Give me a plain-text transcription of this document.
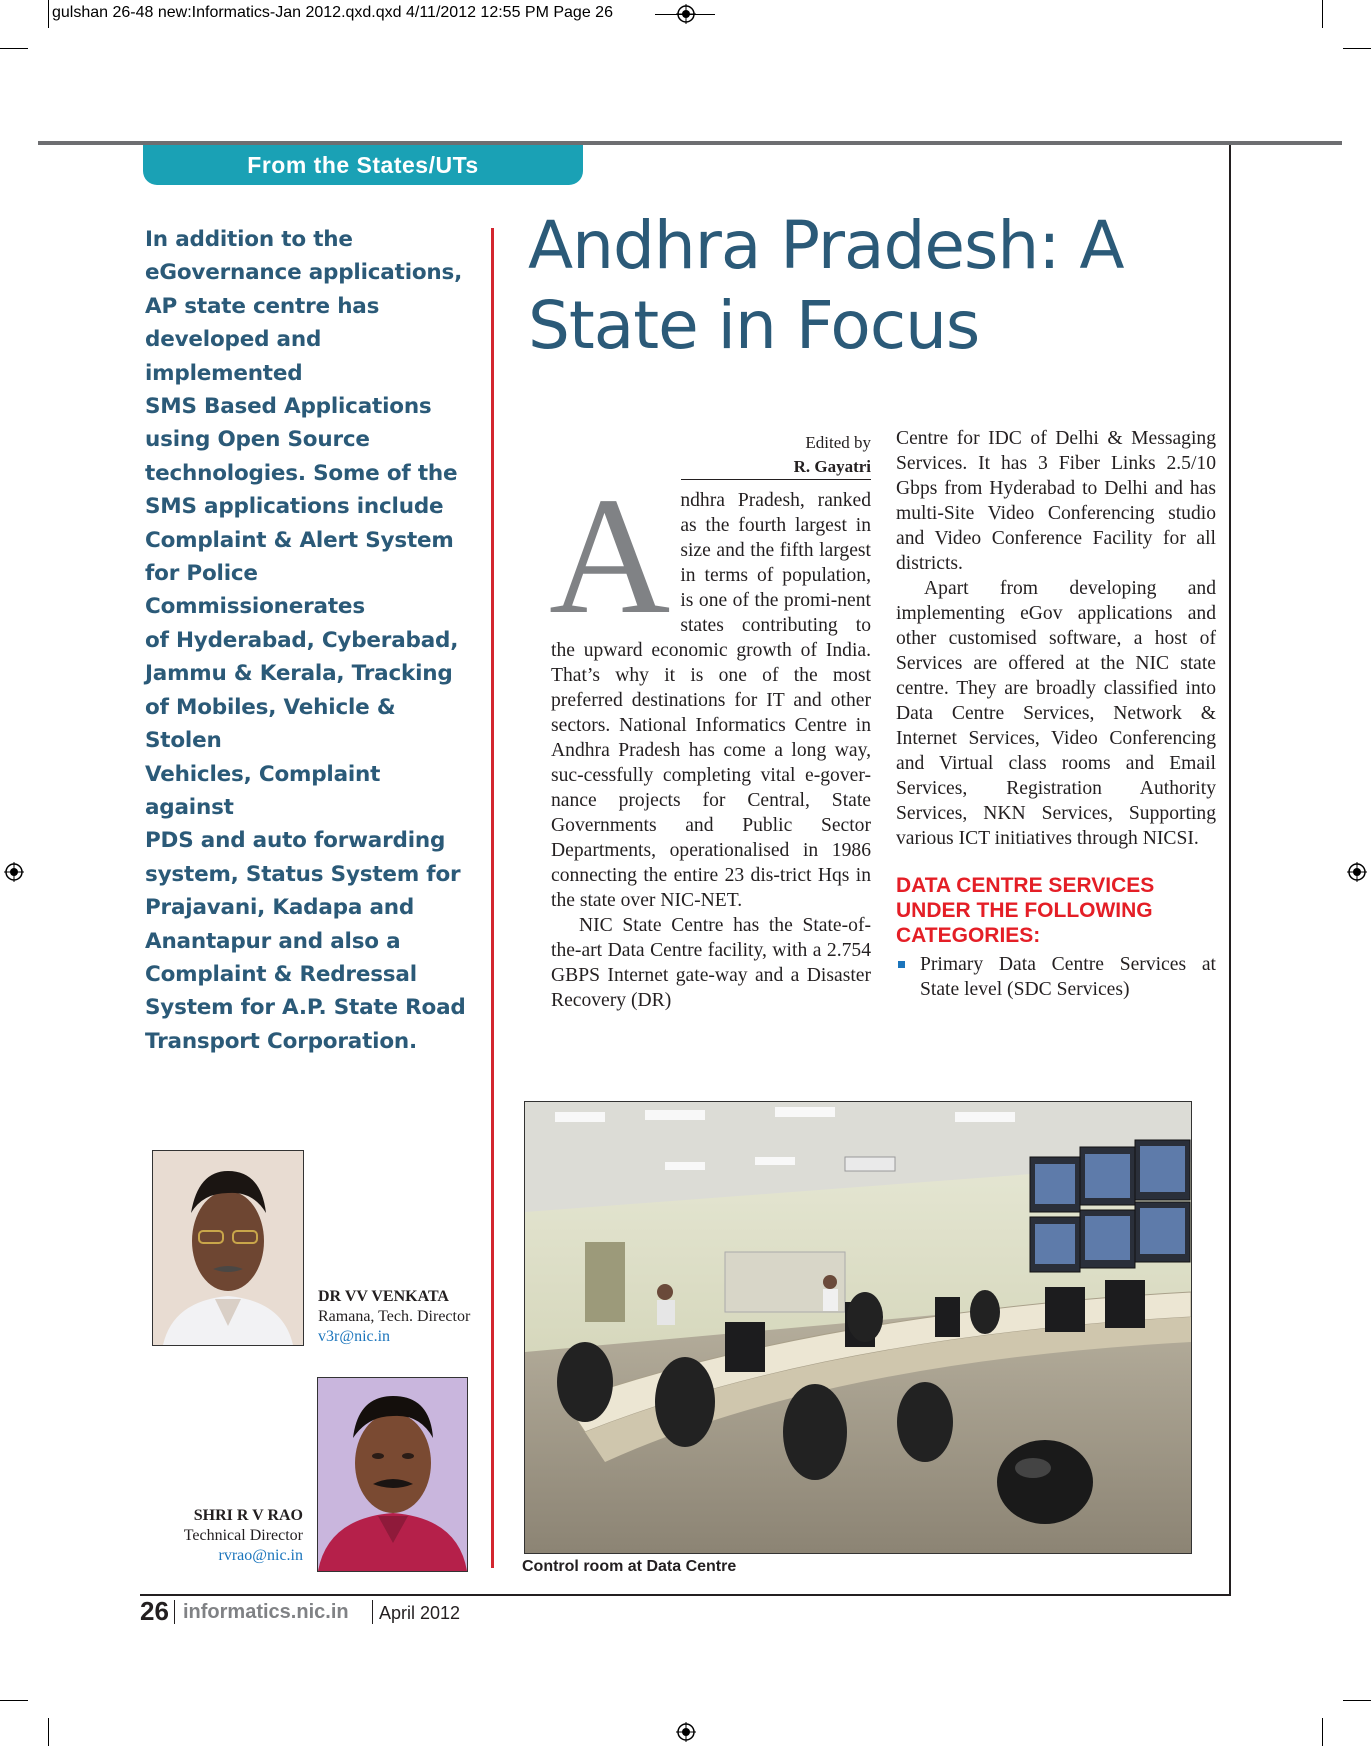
gulshan 26-48 new:Informatics-Jan 2012.qxd.qxd 4/11/2012 12:55 PM Page 26
From the States/UTs
In addition to the
eGovernance applications,
AP state centre has
developed and implemented
SMS Based Applications
using Open Source
technologies. Some of the
SMS applications include
Complaint & Alert System
for Police Commissionerates
of Hyderabad, Cyberabad,
Jammu & Kerala, Tracking
of Mobiles, Vehicle & Stolen
Vehicles, Complaint against
PDS and auto forwarding
system, Status System for
Prajavani, Kadapa and
Anantapur and also a
Complaint & Redressal
System for A.P. State Road
Transport Corporation.
Andhra Pradesh: A
State in Focus
Edited by
R. Gayatri

Andhra Pradesh, ranked as the fourth largest in size and the fifth largest in terms of population, is one of the promi-nent states contributing to the upward economic growth of India. That’s why it is one of the most preferred destinations for IT and other sectors. National Informatics Centre in Andhra Pradesh has come a long way, suc-cessfully completing vital e-gover-nance projects for Central, State Governments and Public Sector Departments, operationalised in 1986 connecting the entire 23 dis-trict Hqs in the state over NIC-NET.

NIC State Centre has the State-of-the-art Data Centre facility, with a 2.754 GBPS Internet gate-way and a Disaster Recovery (DR)

Centre for IDC of Delhi & Messaging Services. It has 3 Fiber Links 2.5/10 Gbps from Hyderabad to Delhi and has multi-Site Video Conferencing studio and Video Conference Facility for all districts.

Apart from developing and implementing eGov applications and other customised software, a host of Services are offered at the NIC state centre. They are broadly classified into Data Centre Services, Network & Internet Services, Video Conferencing and Virtual class rooms and Email Services, Registration Authority Services, NKN Services, Supporting various ICT initiatives through NICSI.

DATA CENTRE SERVICES UNDER THE FOLLOWING CATEGORIES:

Primary Data Centre Services at State level (SDC Services)

Control room at Data Centre
DR VV VENKATA
Ramana, Tech. Director
v3r@nic.in
SHRI R V RAO
Technical Director
rvrao@nic.in
26 informatics.nic.in April 2012
